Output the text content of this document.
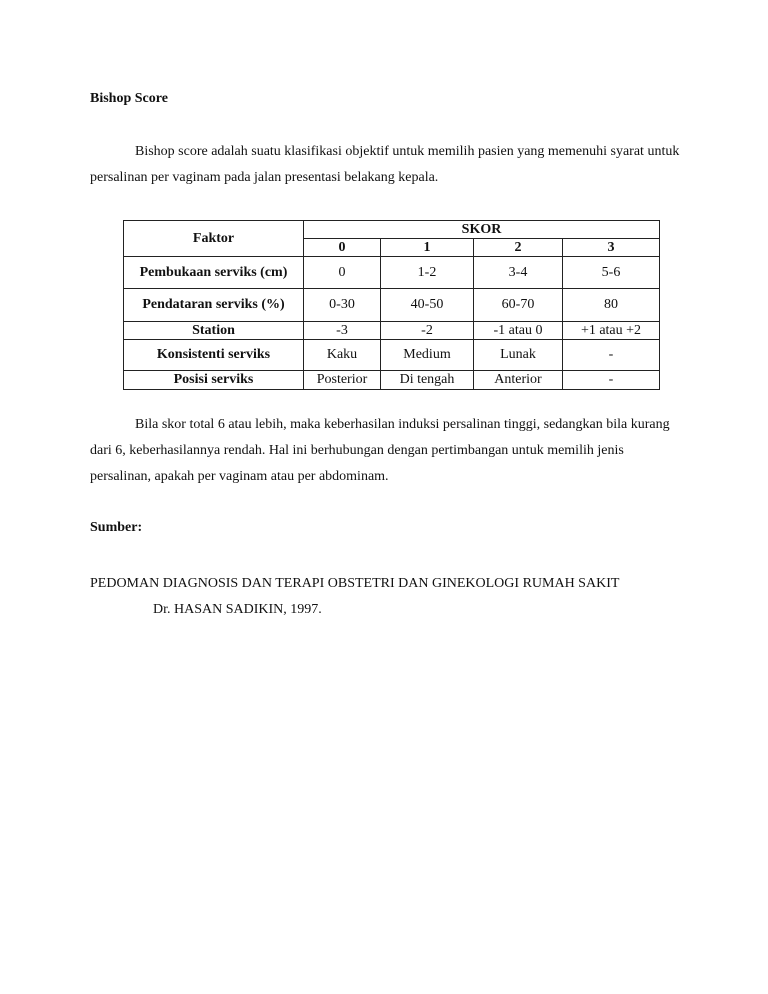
Bishop Score

Bishop score adalah suatu klasifikasi objektif untuk memilih pasien yang memenuhi syarat untuk persalinan per vaginam pada jalan presentasi belakang kepala.

Faktor	SKOR			
	0	1	2	3
Pembukaan serviks (cm)	0	1-2	3-4	5-6
Pendataran serviks (%)	0-30	40-50	60-70	80
Station	-3	-2	-1 atau 0	+1 atau +2
Konsistenti serviks	Kaku	Medium	Lunak	-
Posisi serviks	Posterior	Di tengah	Anterior	-

Bila skor total 6 atau lebih, maka keberhasilan induksi persalinan tinggi, sedangkan bila kurang dari 6, keberhasilannya rendah. Hal ini berhubungan dengan pertimbangan untuk memilih jenis persalinan, apakah per vaginam atau per abdominam.

Sumber:

PEDOMAN DIAGNOSIS DAN TERAPI OBSTETRI DAN GINEKOLOGI RUMAH SAKIT
Dr. HASAN SADIKIN, 1997.
